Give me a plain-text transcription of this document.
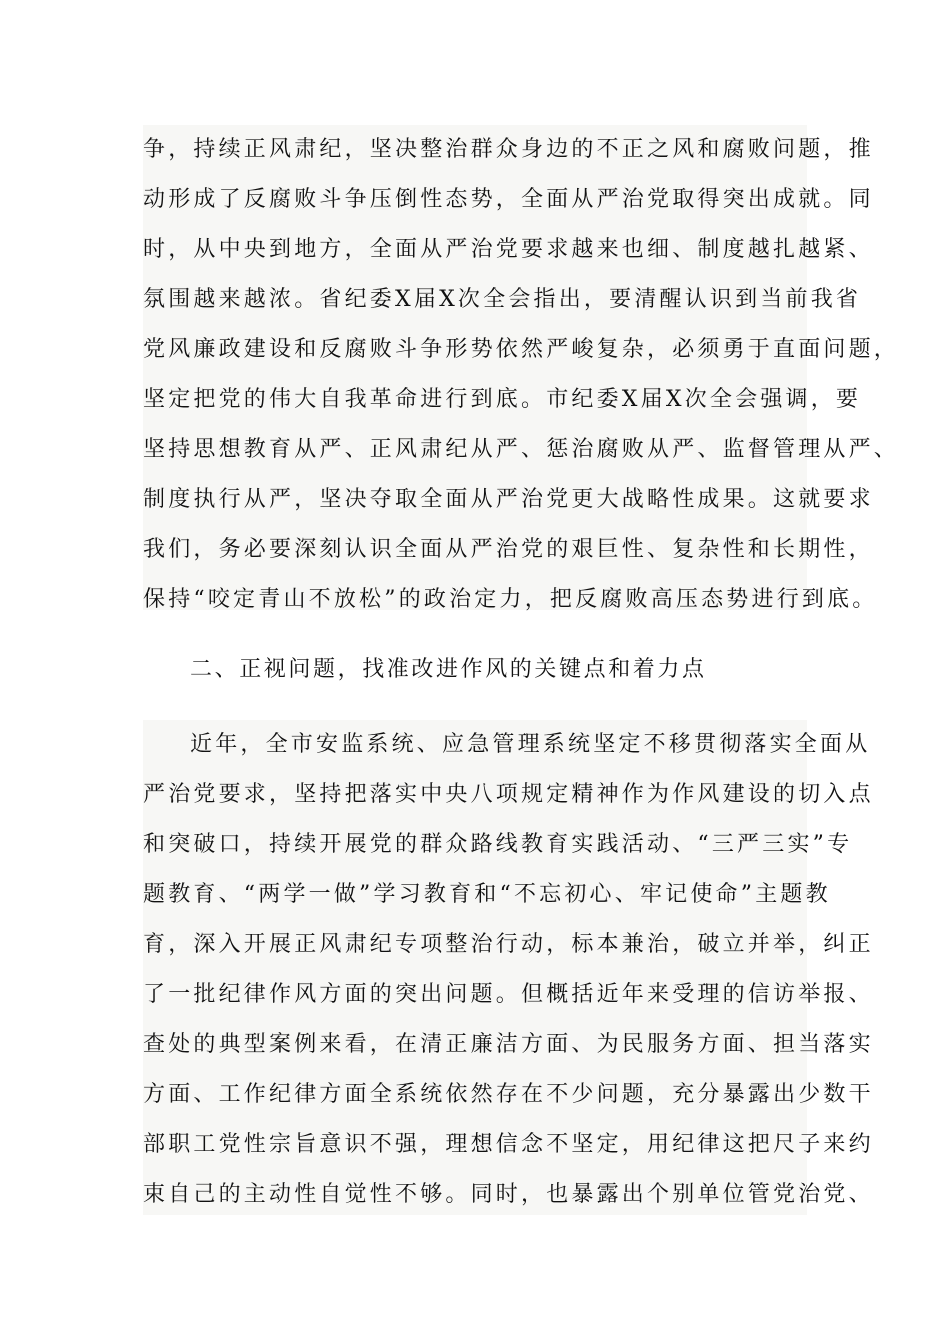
争，持续正风肃纪，坚决整治群众身边的不正之风和腐败问题，推
动形成了反腐败斗争压倒性态势，全面从严治党取得突出成就。同
时，从中央到地方，全面从严治党要求越来也细、制度越扎越紧、
氛围越来越浓。省纪委X届X次全会指出，要清醒认识到当前我省
党风廉政建设和反腐败斗争形势依然严峻复杂，必须勇于直面问题，
坚定把党的伟大自我革命进行到底。市纪委X届X次全会强调，要
坚持思想教育从严、正风肃纪从严、惩治腐败从严、监督管理从严、
制度执行从严，坚决夺取全面从严治党更大战略性成果。这就要求
我们，务必要深刻认识全面从严治党的艰巨性、复杂性和长期性，
保持“咬定青山不放松”的政治定力，把反腐败高压态势进行到底。
二、正视问题，找准改进作风的关键点和着力点
近年，全市安监系统、应急管理系统坚定不移贯彻落实全面从
严治党要求，坚持把落实中央八项规定精神作为作风建设的切入点
和突破口，持续开展党的群众路线教育实践活动、“三严三实”专
题教育、“两学一做”学习教育和“不忘初心、牢记使命”主题教
育，深入开展正风肃纪专项整治行动，标本兼治，破立并举，纠正
了一批纪律作风方面的突出问题。但概括近年来受理的信访举报、
查处的典型案例来看，在清正廉洁方面、为民服务方面、担当落实
方面、工作纪律方面全系统依然存在不少问题，充分暴露出少数干
部职工党性宗旨意识不强，理想信念不坚定，用纪律这把尺子来约
束自己的主动性自觉性不够。同时，也暴露出个别单位管党治党、
